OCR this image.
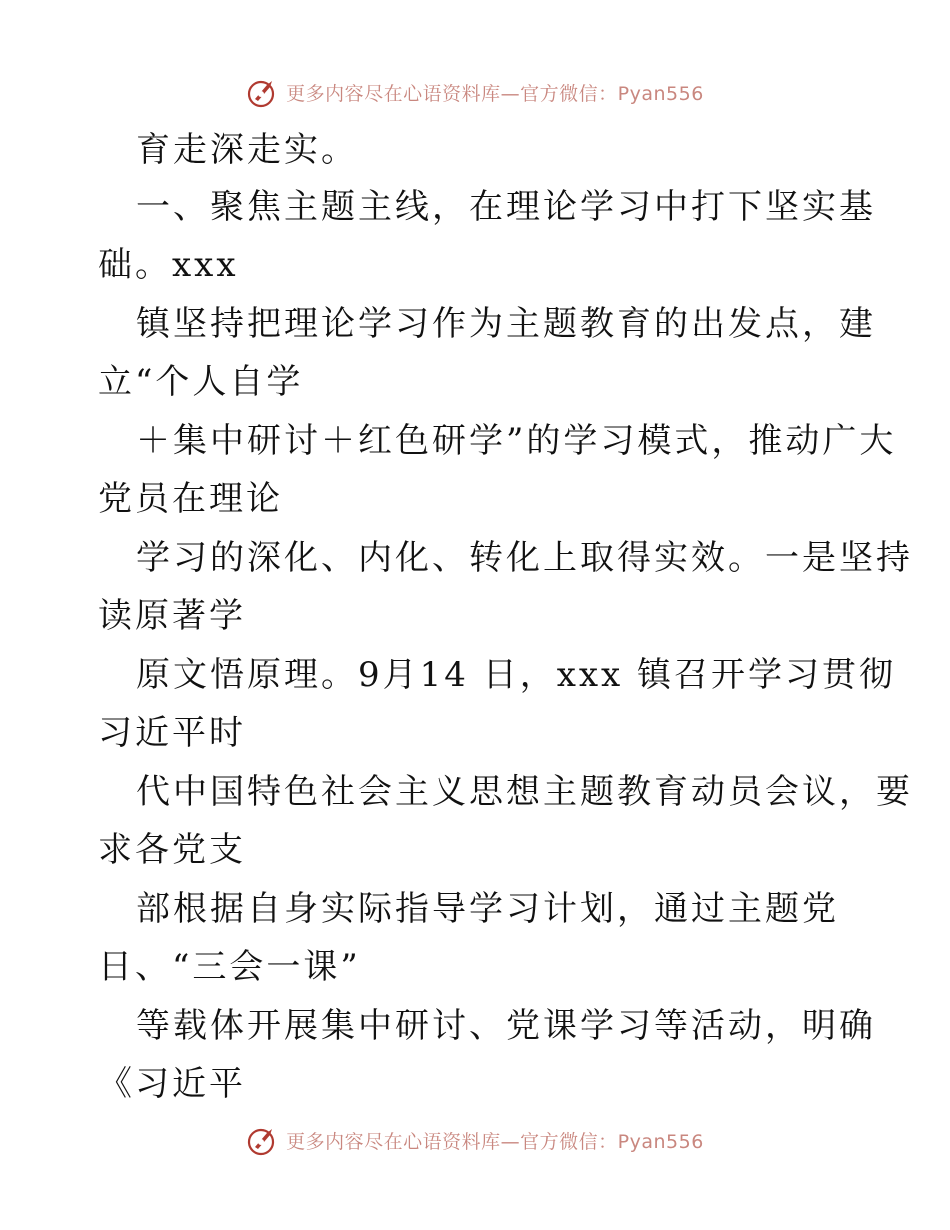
更多内容尽在心语资料库—官方微信：Pyan556
育走深走实。
一、聚焦主题主线，在理论学习中打下坚实基
础。xxx
镇坚持把理论学习作为主题教育的出发点，建
立“个人自学
＋集中研讨＋红色研学”的学习模式，推动广大
党员在理论
学习的深化、内化、转化上取得实效。一是坚持
读原著学
原文悟原理。9月14 日，xxx 镇召开学习贯彻
习近平时
代中国特色社会主义思想主题教育动员会议，要
求各党支
部根据自身实际指导学习计划，通过主题党
日、“三会一课”
等载体开展集中研讨、党课学习等活动，明确
《习近平
更多内容尽在心语资料库—官方微信：Pyan556
